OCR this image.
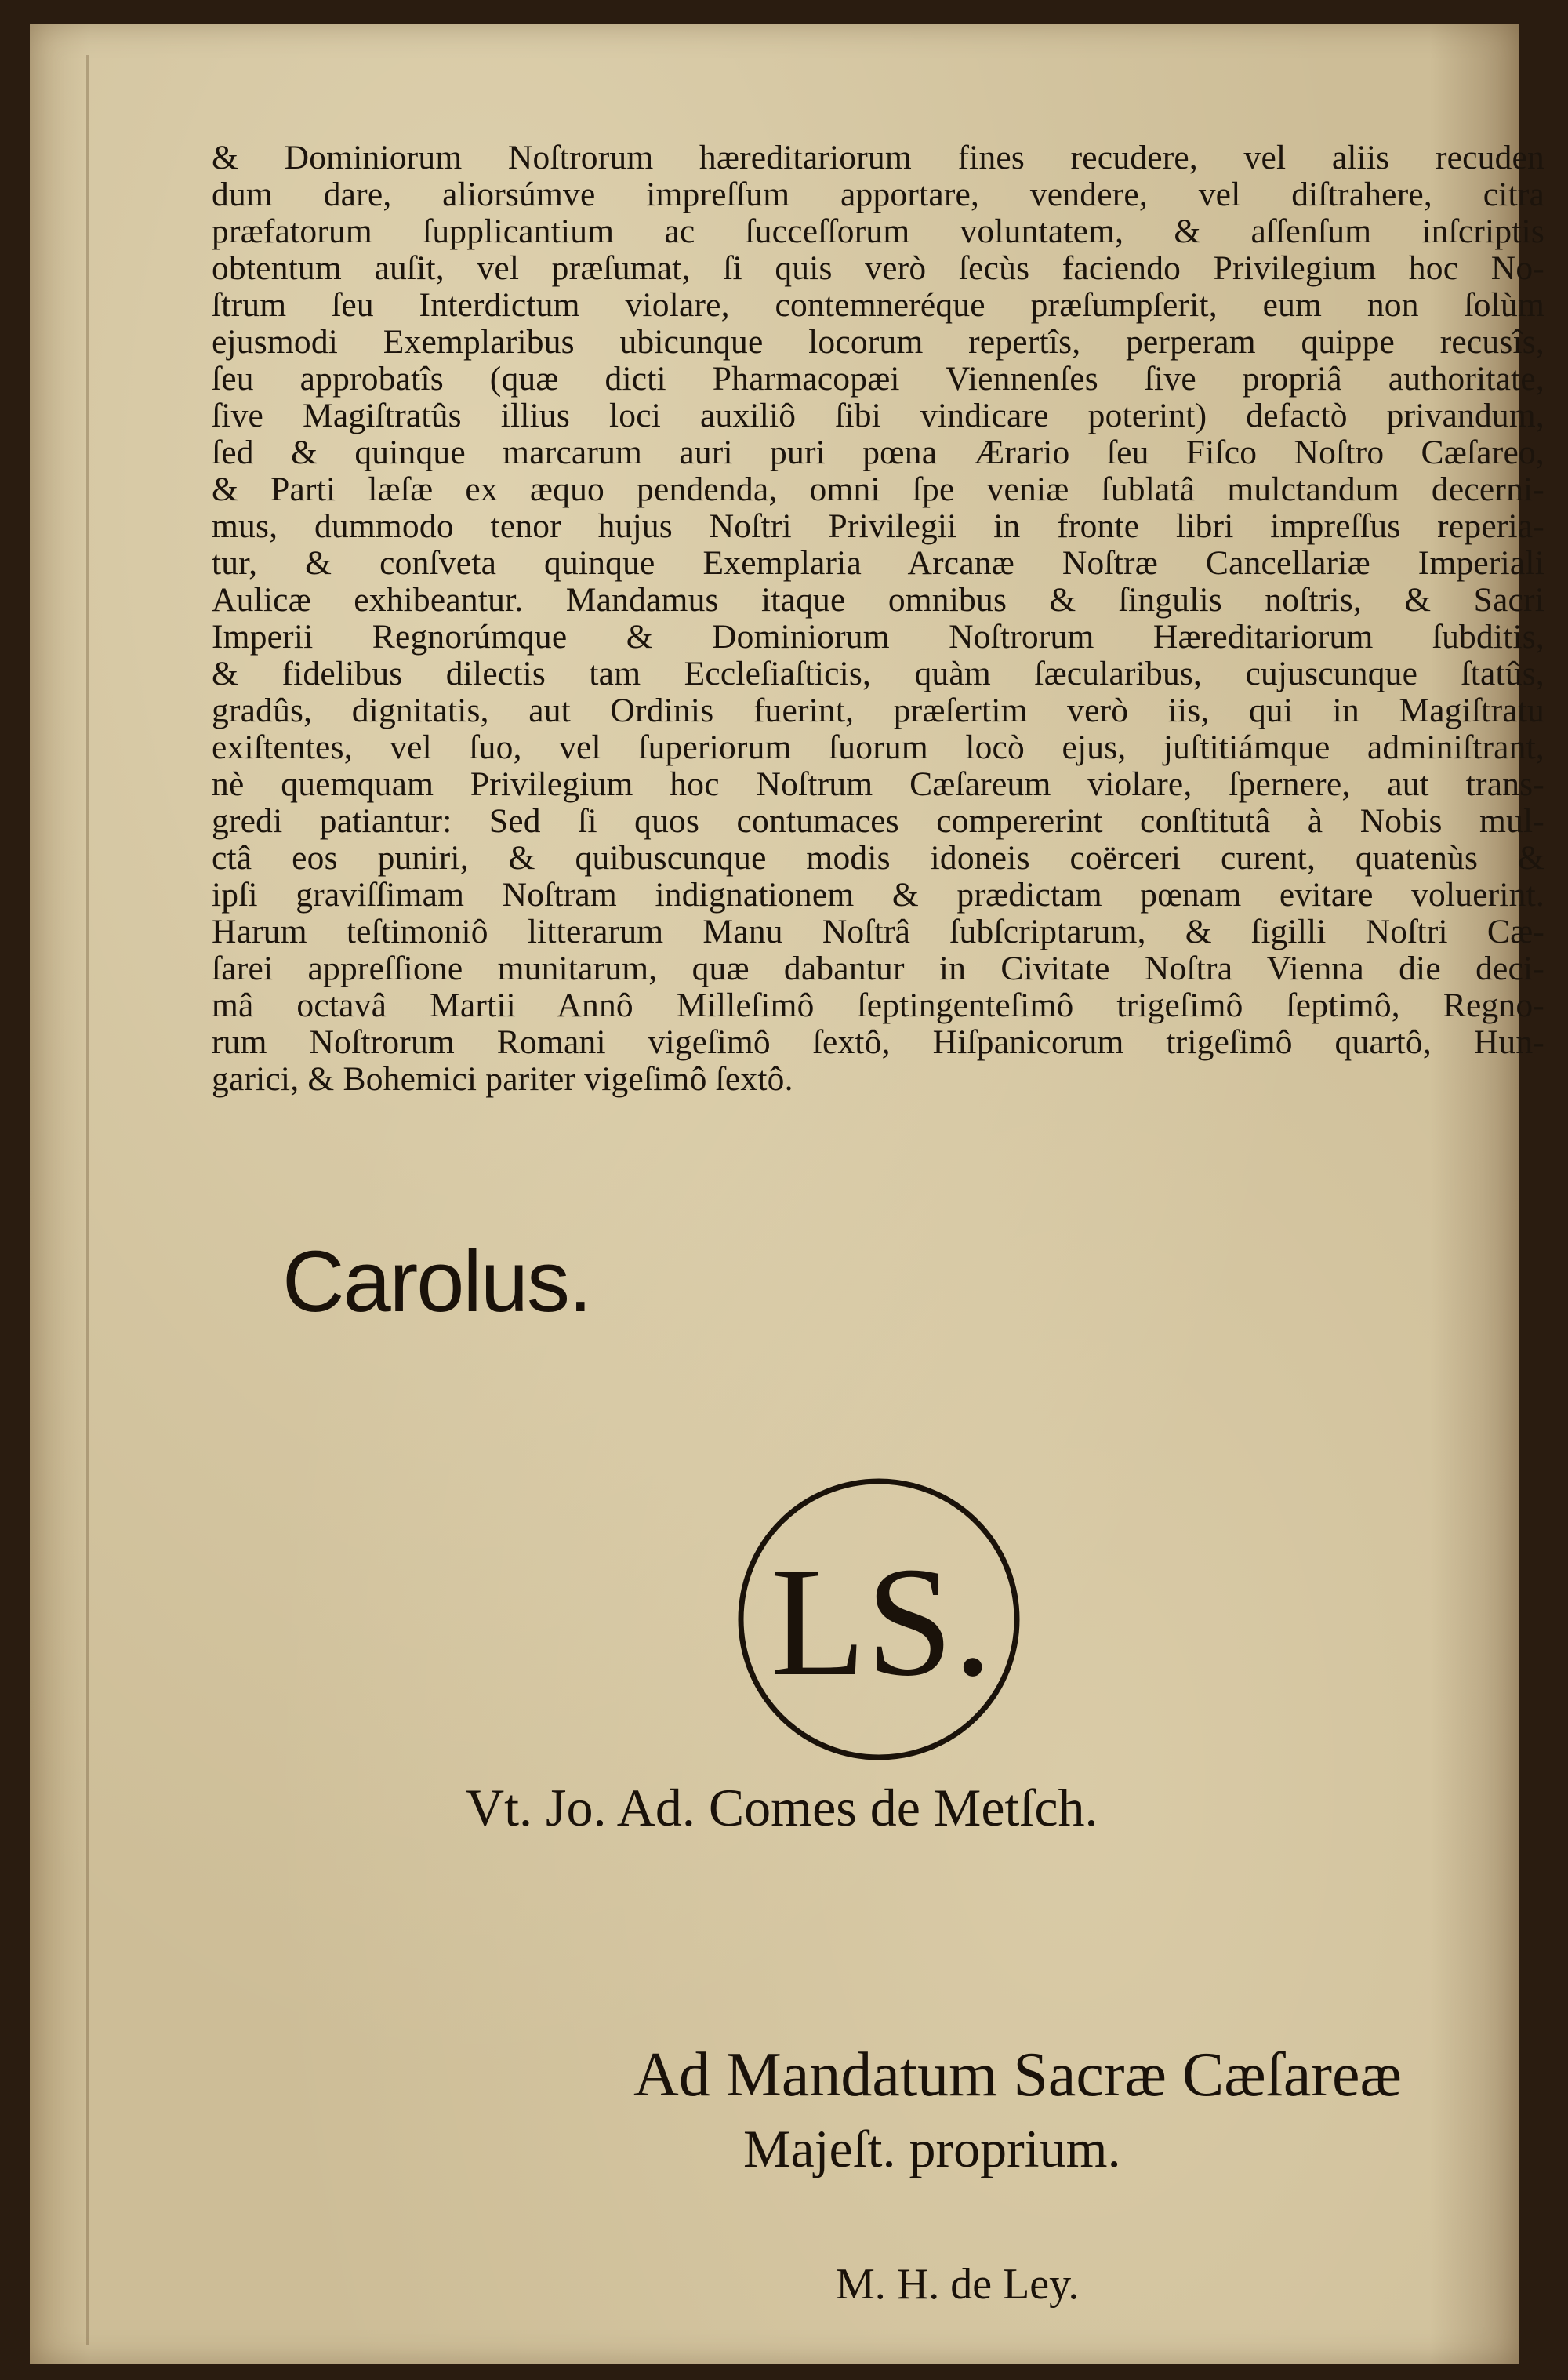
& Dominiorum Noſtrorum hæreditariorum fines recudere, vel aliis recuden
dum dare, aliorsúmve impreſſum apportare, vendere, vel diſtrahere, citra
præfatorum ſupplicantium ac ſucceſſorum voluntatem, & aſſenſum inſcriptis
obtentum auſit, vel præſumat, ſi quis verò ſecùs faciendo Privilegium hoc No-
ſtrum ſeu Interdictum violare, contemneréque præſumpſerit, eum non ſolùm
ejusmodi Exemplaribus ubicunque locorum repertîs, perperam quippe recusîs,
ſeu approbatîs (quæ dicti Pharmacopæi Viennenſes ſive propriâ authoritate,
ſive Magiſtratûs illius loci auxiliô ſibi vindicare poterint) defactò privandum,
ſed & quinque marcarum auri puri pœna Ærario ſeu Fiſco Noſtro Cæſareo,
& Parti læſæ ex æquo pendenda, omni ſpe veniæ ſublatâ mulctandum decerni-
mus, dummodo tenor hujus Noſtri Privilegii in fronte libri impreſſus reperia-
tur, & conſveta quinque Exemplaria Arcanæ Noſtræ Cancellariæ Imperiali
Aulicæ exhibeantur. Mandamus itaque omnibus & ſingulis noſtris, & Sacri
Imperii Regnorúmque & Dominiorum Noſtrorum Hæreditariorum ſubditis,
& fidelibus dilectis tam Eccleſiaſticis, quàm ſæcularibus, cujuscunque ſtatûs,
gradûs, dignitatis, aut Ordinis fuerint, præſertim verò iis, qui in Magiſtratu
exiſtentes, vel ſuo, vel ſuperiorum ſuorum locò ejus, juſtitiámque adminiſtrant,
nè quemquam Privilegium hoc Noſtrum Cæſareum violare, ſpernere, aut trans-
gredi patiantur: Sed ſi quos contumaces compererint conſtitutâ à Nobis mul-
ctâ eos puniri, & quibuscunque modis idoneis coërceri curent, quatenùs &
ipſi graviſſimam Noſtram indignationem & prædictam pœnam evitare voluerint.
Harum teſtimoniô litterarum Manu Noſtrâ ſubſcriptarum, & ſigilli Noſtri Cæ-
ſarei appreſſione munitarum, quæ dabantur in Civitate Noſtra Vienna die deci-
mâ octavâ Martii Annô Milleſimô ſeptingenteſimô trigeſimô ſeptimô, Regno-
rum Noſtrorum Romani vigeſimô ſextô, Hiſpanicorum trigeſimô quartô, Hun-
garici, & Bohemici pariter vigeſimô ſextô.
Carolus.
LS.
Vt. Jo. Ad. Comes de Metſch.
Ad Mandatum Sacræ Cæſareæ
Majeſt. proprium.
M. H. de Ley.
